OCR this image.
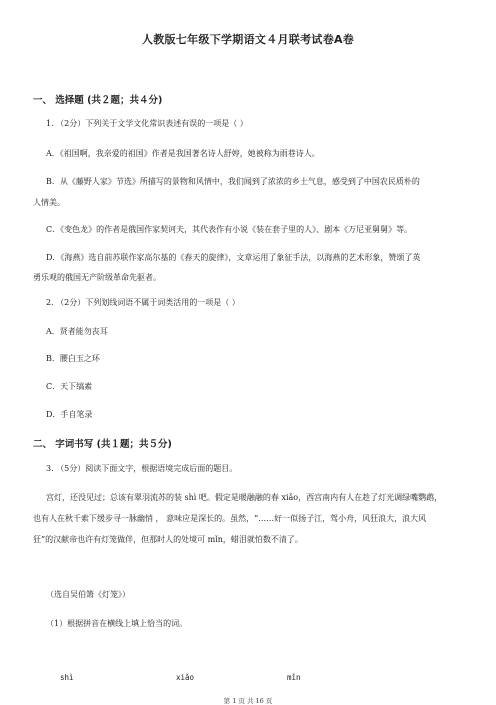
人教版七年级下学期语文４月联考试卷A卷
一、 选择题 (共２题；共４分)
1. （2分）下列关于文学文化常识表述有误的一项是（ ）
A．《祖国啊，我亲爱的祖国》作者是我国著名诗人舒婷，她被称为雨巷诗人。
B．从《藤野人家》节选》所描写的景物和风情中，我们闻到了浓浓的乡土气息，感受到了中国农民质朴的
人情美。
C．《变色龙》的作者是俄国作家契诃夫，其代表作有小说《装在套子里的人》、剧本《万尼亚舅舅》等。
D．《海燕》选自前苏联作家高尔基的《春天的旋律》，文章运用了象征手法，以海燕的艺术形象，赞颂了英
勇乐观的俄国无产阶级革命先驱者。
2. （2分）下列划线词语不属于词类活用的一项是（ ）
A．贤者能勿丧耳
B．腰白玉之环
C．天下缟素
D．手自笔录
二、 字词书写 (共１题；共５分)
3. （5分）阅读下面文字，根据语境完成后面的题目。
宫灯，还没见过；总该有翠羽流苏的装 shì 吧。假定是暖融融的春 xiǎo，西宫南内有人在趁了灯光调绿嘴鹦鹉，
也有人在秋千索下缓步寻一脉幽悄 ， 意味应是深长的。虽然，“……好一似扬子江，驾小舟，风狂浪大，浪大风
狂”的汉献帝也许有灯笼做伴，但那时人的处境可 mǐn，蜡泪就怕数不清了。
（选自吴伯箫《灯笼》）
（1）根据拼音在横线上填上恰当的词。
shì	xiǎo	mǐn
第 1 页 共 16 页
